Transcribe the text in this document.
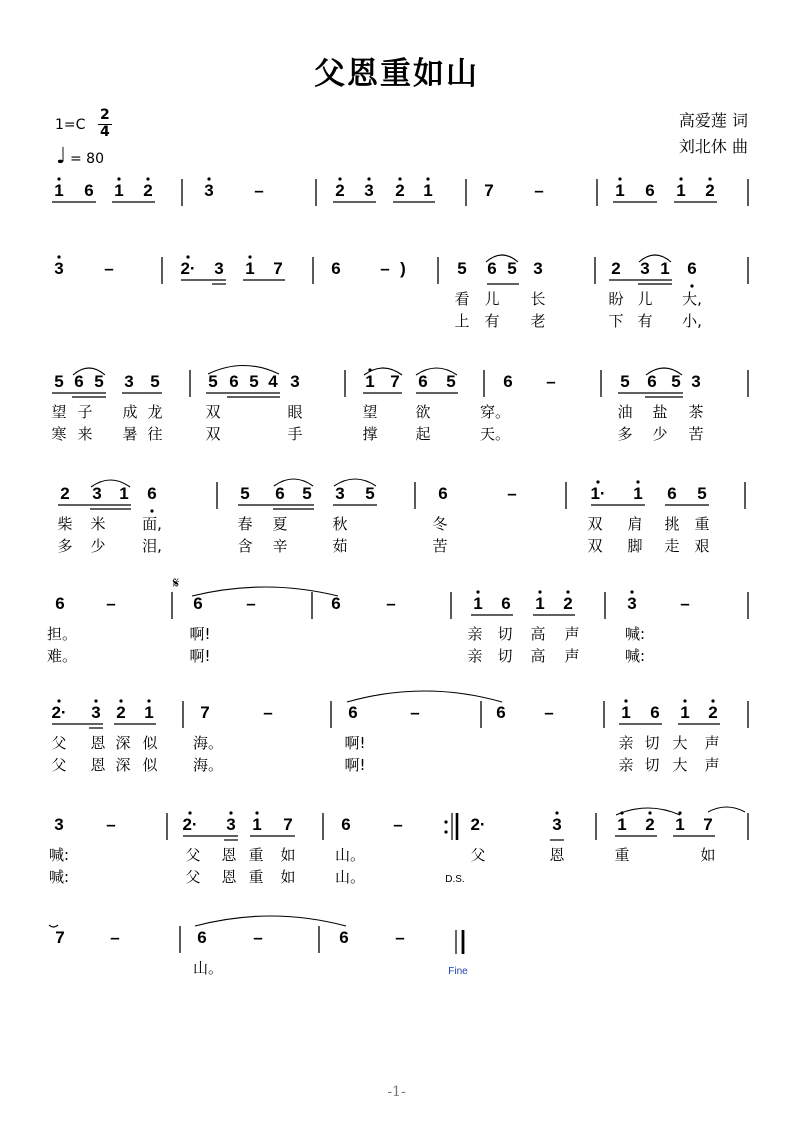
父恩重如山
1=C
2
4
♩ = 80
高爱莲 词
刘北休 曲
1 6 1 2	3 –	2 3 2 1	7 –	1 6 1 2
3 –	2· 3 1 7	6 – )	5 6 5 3	2 3 1 6
看 儿 长	盼 儿 大,
上 有 老	下 有 小,
5 6 5 3 5	5 6 5 4 3	1 7 6 5	6 –	5 6 5 3
望 子 成 龙	双	眼	望	欲	穿。	油 盐 茶
寒 来 暑 往	双	手	撑	起	天。	多 少 苦
2 3 1 6	5 6 5 3 5	6	–	1· 1 6 5
柴 米 面,	春 夏	秋	冬	双 肩 挑 重
多 少 泪,	含 辛	茹	苦	双 脚 走 艰
6 –	6	–	6	–	1 6 1 2	3	–
担。	啊!	亲 切 高 声	喊:
难。	啊!	亲 切 高 声	喊:
2· 3 2 1	7	–	6	–	6 –	1 6 1 2
父 恩 深 似 海。	啊!	亲 切 大 声
父 恩 深 似 海。	啊!	亲 切 大 声
3	–	2· 3 1 7	6	–	2·	3	1 2 1 7
喊:	父 恩 重 如	山。	父	恩	重	如
喊:	父 恩 重 如	山。
7	–	6	–	6	–
山。
𝄋
D.S.
Fine
-1-
